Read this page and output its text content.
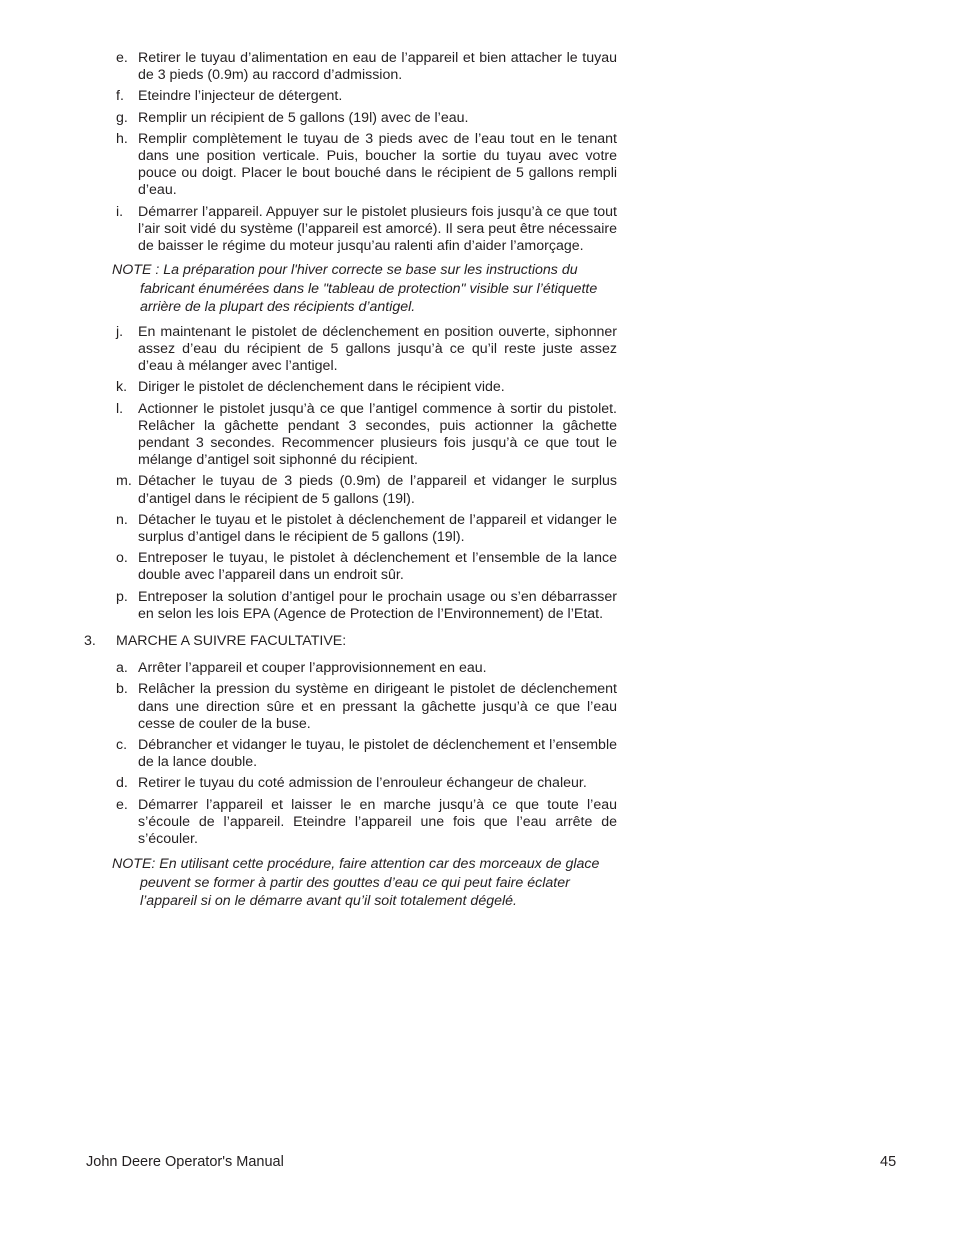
e. Retirer le tuyau d’alimentation en eau de l’appareil et bien attacher le tuyau de 3 pieds (0.9m) au raccord d’admission.
f. Eteindre l’injecteur de détergent.
g. Remplir un récipient de 5 gallons (19l) avec de l’eau.
h. Remplir complètement le tuyau de 3 pieds avec de l’eau tout en le tenant dans une position verticale. Puis, boucher la sortie du tuyau avec votre pouce ou doigt. Placer le bout bouché dans le récipient de 5 gallons rempli d’eau.
i. Démarrer l’appareil. Appuyer sur le pistolet plusieurs fois jusqu’à ce que tout l’air soit vidé du système (l’appareil est amorcé). Il sera peut être nécessaire de baisser le régime du moteur jusqu’au ralenti afin d’aider l’amorçage.
NOTE : La préparation pour l'hiver correcte se base sur les instructions du fabricant énumérées dans le "tableau de protection" visible sur l’étiquette arrière de la plupart des récipients d’antigel.
j. En maintenant le pistolet de déclenchement en position ouverte, siphonner assez d’eau du récipient de 5 gallons jusqu’à ce qu’il reste juste assez d’eau à mélanger avec l’antigel.
k. Diriger le pistolet de déclenchement dans le récipient vide.
l. Actionner le pistolet jusqu’à ce que l’antigel commence à sortir du pistolet. Relâcher la gâchette pendant 3 secondes, puis actionner la gâchette pendant 3 secondes. Recommencer plusieurs fois jusqu’à ce que tout le mélange d’antigel soit siphonné du récipient.
m. Détacher le tuyau de 3 pieds (0.9m) de l’appareil et vidanger le surplus d’antigel dans le récipient de 5 gallons (19l).
n. Détacher le tuyau et le pistolet à déclenchement de l’appareil et vidanger le surplus d’antigel dans le récipient de 5 gallons (19l).
o. Entreposer le tuyau, le pistolet à déclenchement et l’ensemble de la lance double avec l’appareil dans un endroit sûr.
p. Entreposer la solution d’antigel pour le prochain usage ou s’en débarrasser en selon les lois EPA (Agence de Protection de l’Environnement) de l’Etat.
3. MARCHE A SUIVRE FACULTATIVE:
a. Arrêter l’appareil et couper l’approvisionnement en eau.
b. Relâcher la pression du système en dirigeant le pistolet de déclenchement dans une direction sûre et en pressant la gâchette jusqu’à ce que l’eau cesse de couler de la buse.
c. Débrancher et vidanger le tuyau, le pistolet de déclenchement et l’ensemble de la lance double.
d. Retirer le tuyau du coté admission de l’enrouleur échangeur de chaleur.
e. Démarrer l’appareil et laisser le en marche jusqu’à ce que toute l’eau s’écoule de l’appareil. Eteindre l’appareil une fois que l’eau arrête de s’écouler.
NOTE: En utilisant cette procédure, faire attention car des morceaux de glace peuvent se former à partir des gouttes d’eau ce qui peut faire éclater l’appareil si on le démarre avant qu’il soit totalement dégelé.
John Deere Operator's Manual	45
